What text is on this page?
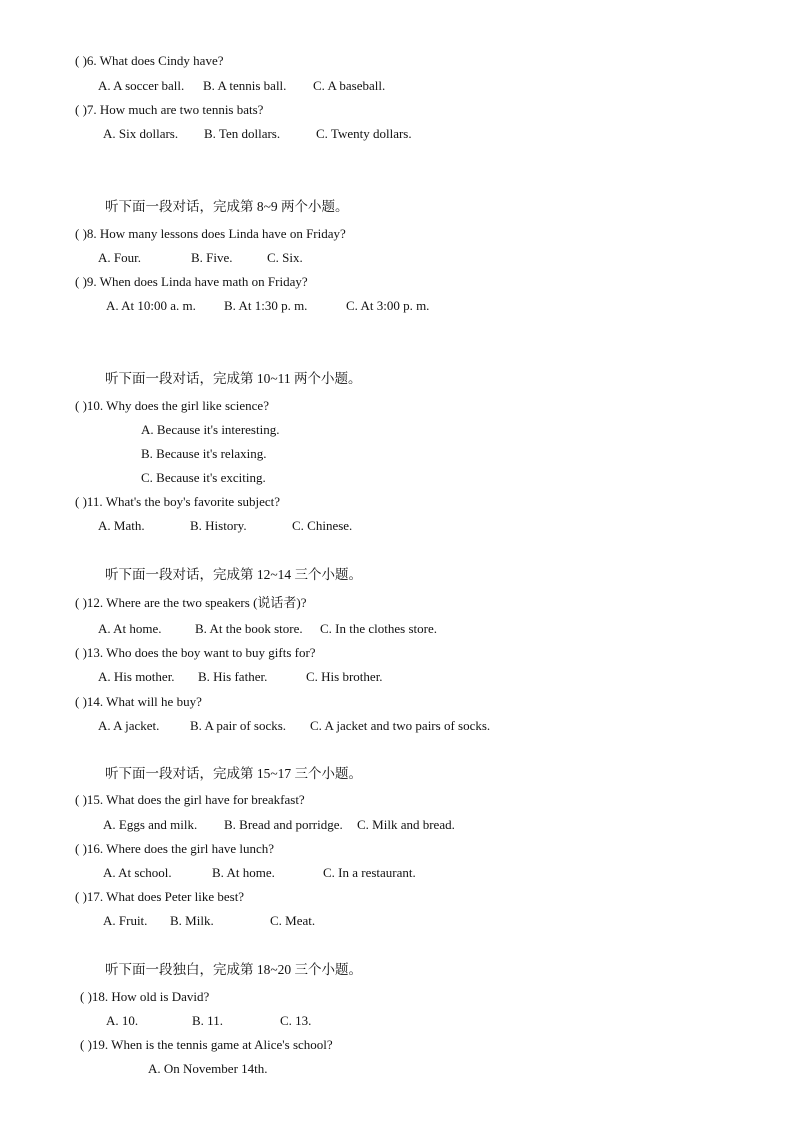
( )6. What does Cindy have?
A. A soccer ball. B. A tennis ball. C. A baseball.
( )7. How much are two tennis bats?
A. Six dollars. B. Ten dollars.	C. Twenty dollars.
听下面一段对话，完成第 8~9 两个小题。
( )8. How many lessons does Linda have on Friday?
A. Four.	B. Five.	C. Six.
( )9. When does Linda have math on Friday?
A. At 10:00 a. m. B. At 1:30 p. m.	C. At 3:00 p. m.
听下面一段对话，完成第 10~11 两个小题。
( )10. Why does the girl like science?
A. Because it's interesting.
B. Because it's relaxing.
C. Because it's exciting.
( )11. What's the boy's favorite subject?
A. Math.	B. History.	C. Chinese.
听下面一段对话，完成第 12~14 三个小题。
( )12. Where are the two speakers (说话者)?
A. At home.	B. At the book store. C. In the clothes store.
( )13. Who does the boy want to buy gifts for?
A. His mother. B. His father.	C. His brother.
( )14. What will he buy?
A. A jacket. B. A pair of socks. C. A jacket and two pairs of socks.
听下面一段对话，完成第 15~17 三个小题。
( )15. What does the girl have for breakfast?
A. Eggs and milk. B. Bread and porridge. C. Milk and bread.
( )16. Where does the girl have lunch?
A. At school.	B. At home.	C. In a restaurant.
( )17. What does Peter like best?
A. Fruit. B. Milk.	C. Meat.
听下面一段独白，完成第 18~20 三个小题。
( )18. How old is David?
A. 10.	B. 11.	C. 13.
( )19. When is the tennis game at Alice's school?
A. On November 14th.
